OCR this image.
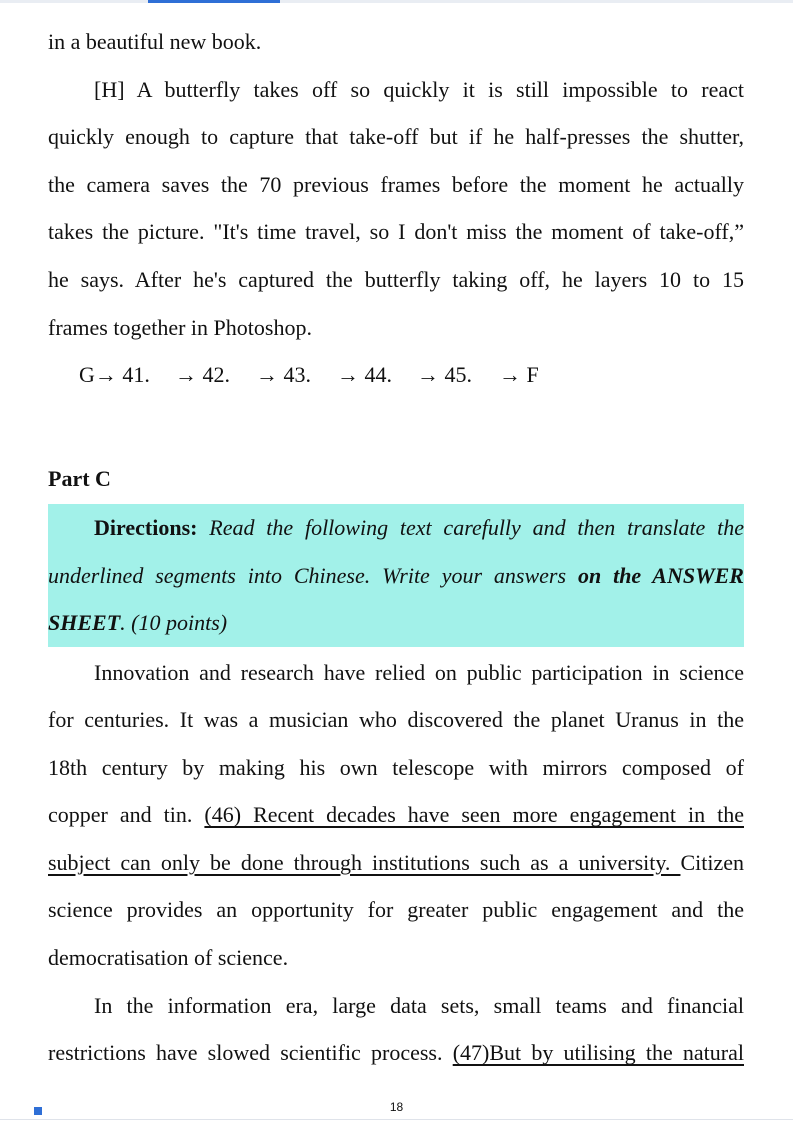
in a beautiful new book.
[H] A butterfly takes off so quickly it is still impossible to react
quickly enough to capture that take-off but if he half-presses the shutter,
the camera saves the 70 previous frames before the moment he actually
takes the picture. "It's time travel, so I don't miss the moment of take-off,”
he says. After he's captured the butterfly taking off, he layers 10 to 15
frames together in Photoshop.
G→ 41. → 42. → 43. → 44. → 45. → F
Part C
Directions: Read the following text carefully and then translate the
underlined segments into Chinese. Write your answers on the ANSWER
SHEET. (10 points)
Innovation and research have relied on public participation in science
for centuries. It was a musician who discovered the planet Uranus in the
18th century by making his own telescope with mirrors composed of
copper and tin. (46) Recent decades have seen more engagement in the
subject can only be done through institutions such as a university. Citizen
science provides an opportunity for greater public engagement and the
democratisation of science.
In the information era, large data sets, small teams and financial
restrictions have slowed scientific process. (47)But by utilising the natural
18
